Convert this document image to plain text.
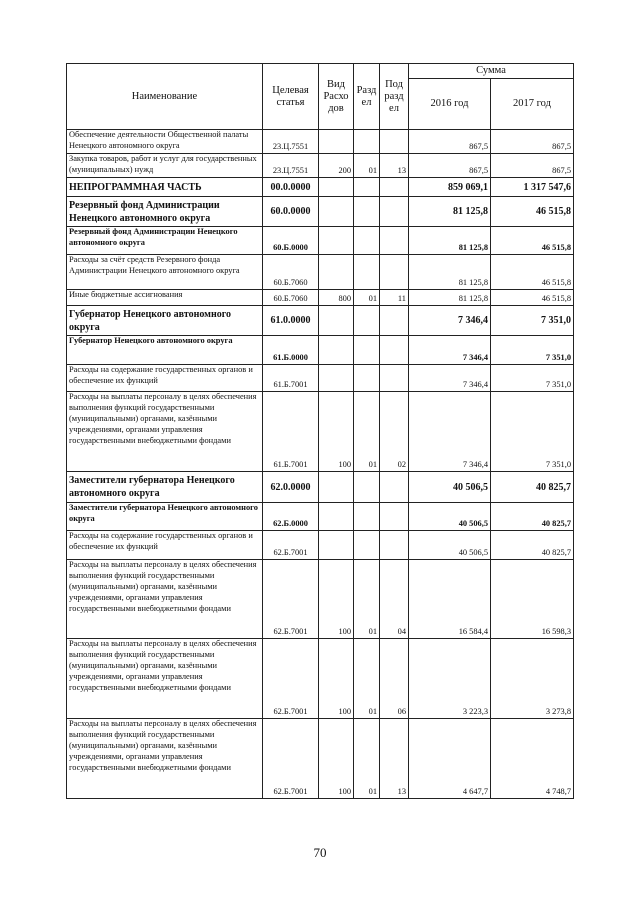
Наименование	Целевая статья	Вид Расхо дов	Разд ел	Под разд ел	Сумма	
					2016 год	2017 год
Обеспечение деятельности Общественной палаты Ненецкого автономного округа	23.Ц.7551				867,5	867,5
Закупка товаров, работ и услуг для государственных (муниципальных) нужд	23.Ц.7551	200	01	13	867,5	867,5
НЕПРОГРАММНАЯ ЧАСТЬ	00.0.0000				859 069,1	1 317 547,6
Резервный фонд Администрации Ненецкого автономного округа	60.0.0000				81 125,8	46 515,8
Резервный фонд Администрации Ненецкого автономного округа	60.Б.0000				81 125,8	46 515,8
Расходы за счёт средств Резервного фонда Администрации Ненецкого автономного округа	60.Б.7060				81 125,8	46 515,8
Иные бюджетные ассигнования	60.Б.7060	800	01	11	81 125,8	46 515,8
Губернатор Ненецкого автономного округа	61.0.0000				7 346,4	7 351,0
Губернатор Ненецкого автономного округа	61.Б.0000				7 346,4	7 351,0
Расходы на содержание государственных органов и обеспечение их функций	61.Б.7001				7 346,4	7 351,0
Расходы на выплаты персоналу в целях обеспечения выполнения функций государственными (муниципальными) органами, казёнными учреждениями, органами управления государственными внебюджетными фондами	61.Б.7001	100	01	02	7 346,4	7 351,0
Заместители губернатора Ненецкого автономного округа	62.0.0000				40 506,5	40 825,7
Заместители губернатора Ненецкого автономного округа	62.Б.0000				40 506,5	40 825,7
Расходы на содержание государственных органов и обеспечение их функций	62.Б.7001				40 506,5	40 825,7
Расходы на выплаты персоналу в целях обеспечения выполнения функций государственными (муниципальными) органами, казёнными учреждениями, органами управления государственными внебюджетными фондами	62.Б.7001	100	01	04	16 584,4	16 598,3
Расходы на выплаты персоналу в целях обеспечения выполнения функций государственными (муниципальными) органами, казёнными учреждениями, органами управления государственными внебюджетными фондами	62.Б.7001	100	01	06	3 223,3	3 273,8
Расходы на выплаты персоналу в целях обеспечения выполнения функций государственными (муниципальными) органами, казёнными учреждениями, органами управления государственными внебюджетными фондами	62.Б.7001	100	01	13	4 647,7	4 748,7
70
